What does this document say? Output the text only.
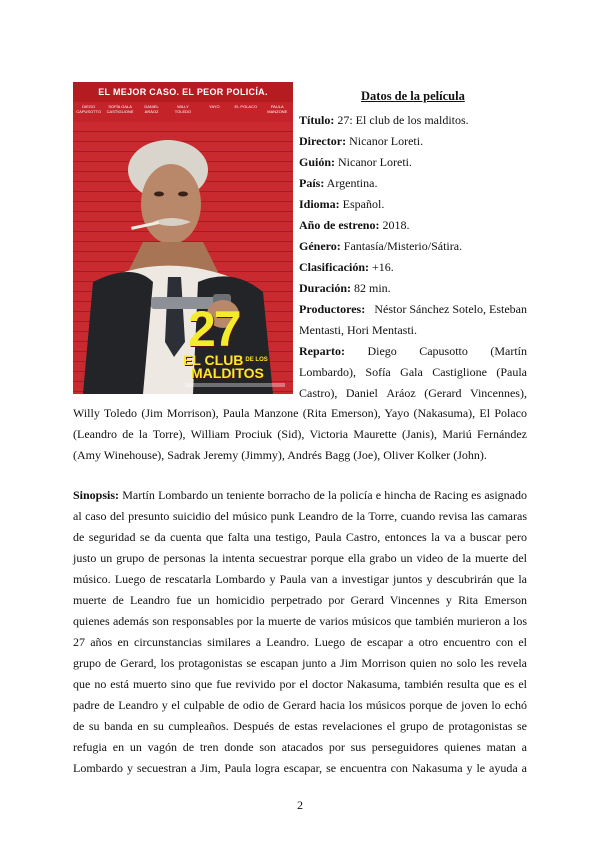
EL MEJOR CASO. EL PEOR POLICÍA.
DIEGO CAPUSOTTO
SOFÍA GALA CASTIGLIONE
DANIEL ARÁOZ
WILLY TOLEDO
YAYO	EL POLACO	PAULA MANZONE
27
EL CLUB $^{DE LOS}$
MALDITOS
Datos de la película
Título: 27: El club de los malditos.
Director: Nicanor Loreti.
Guión: Nicanor Loreti.
País: Argentina.
Idioma: Español.
Año de estreno: 2018.
Género: Fantasía/Misterio/Sátira.
Clasificación: +16.
Duración: 82 min.
Productores: Néstor Sánchez Sotelo, Esteban
Mentasti, Hori Mentasti.
Reparto: Diego Capusotto (Martín
Lombardo), Sofía Gala Castiglione (Paula
Castro), Daniel Aráoz (Gerard Vincennes),
Willy Toledo (Jim Morrison), Paula Manzone (Rita Emerson), Yayo (Nakasuma), El Polaco
(Leandro de la Torre), William Prociuk (Sid), Victoria Maurette (Janis), Mariú Fernández
(Amy Winehouse), Sadrak Jeremy (Jimmy), Andrés Bagg (Joe), Oliver Kolker (John).
Sinopsis: Martín Lombardo un teniente borracho de la policía e hincha de Racing es asignado
al caso del presunto suicidio del músico punk Leandro de la Torre, cuando revisa las camaras
de seguridad se da cuenta que falta una testigo, Paula Castro, entonces la va a buscar pero
justo un grupo de personas la intenta secuestrar porque ella grabo un video de la muerte del
músico. Luego de rescatarla Lombardo y Paula van a investigar juntos y descubrirán que la
muerte de Leandro fue un homicidio perpetrado por Gerard Vincennes y Rita Emerson
quienes además son responsables por la muerte de varios músicos que también murieron a los
27 años en circunstancias similares a Leandro. Luego de escapar a otro encuentro con el
grupo de Gerard, los protagonistas se escapan junto a Jim Morrison quien no solo les revela
que no está muerto sino que fue revivido por el doctor Nakasuma, también resulta que es el
padre de Leandro y el culpable de odio de Gerard hacia los músicos porque de joven lo echó
de su banda en su cumpleaños. Después de estas revelaciones el grupo de protagonistas se
refugia en un vagón de tren donde son atacados por sus perseguidores quienes matan a
Lombardo y secuestran a Jim, Paula logra escapar, se encuentra con Nakasuma y le ayuda a
2
